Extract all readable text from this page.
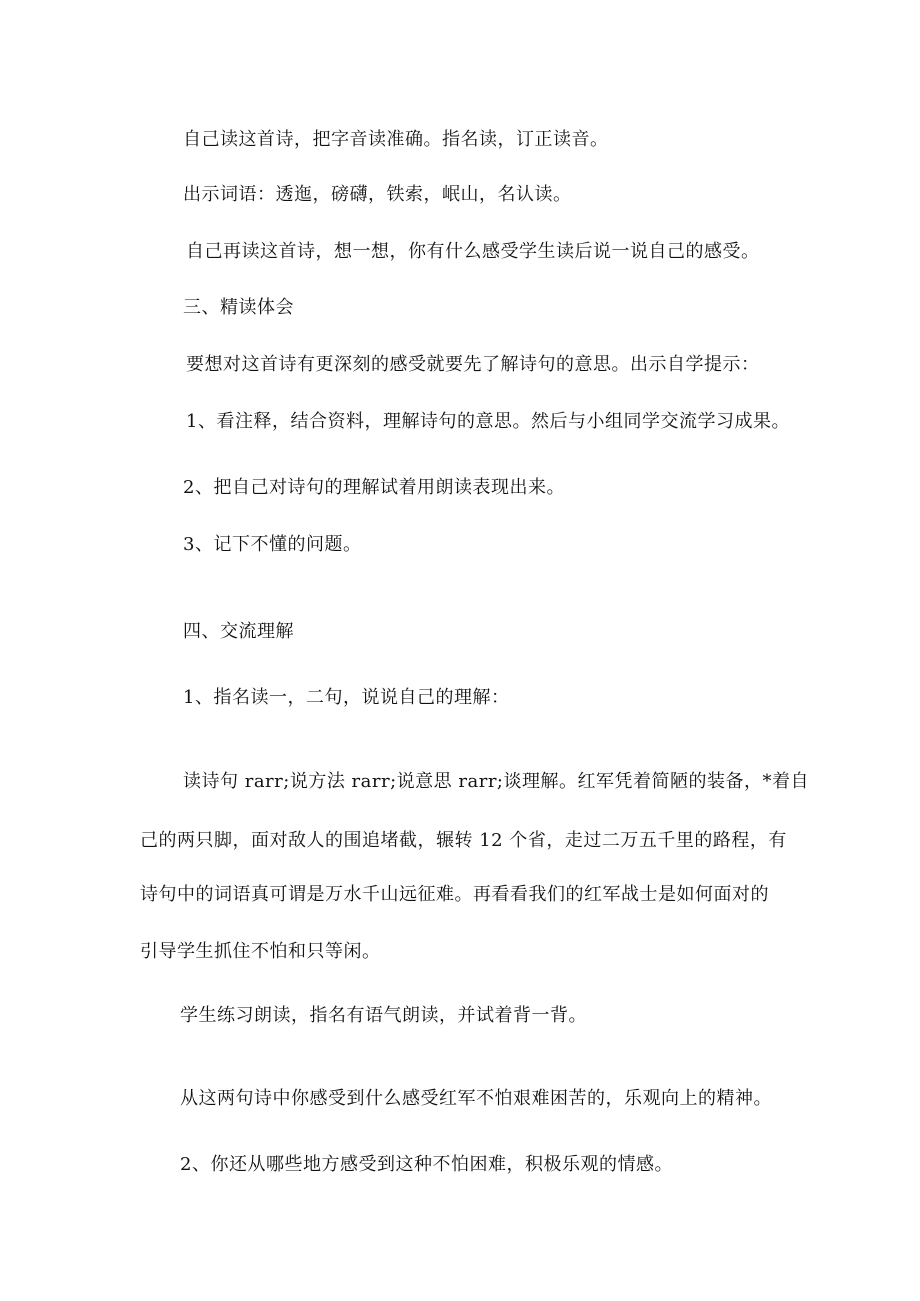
自己读这首诗，把字音读准确。指名读，订正读音。
出示词语：透迤，磅礴，铁索，岷山，名认读。
自己再读这首诗，想一想，你有什么感受学生读后说一说自己的感受。
三、精读体会
要想对这首诗有更深刻的感受就要先了解诗句的意思。出示自学提示：
1、看注释，结合资料，理解诗句的意思。然后与小组同学交流学习成果。
2、把自己对诗句的理解试着用朗读表现出来。
3、记下不懂的问题。
四、交流理解
1、指名读一，二句，说说自己的理解：
读诗句 rarr;说方法 rarr;说意思 rarr;谈理解。红军凭着简陋的装备，*着自
己的两只脚，面对敌人的围追堵截，辗转 12 个省，走过二万五千里的路程，有
诗句中的词语真可谓是万水千山远征难。再看看我们的红军战士是如何面对的
引导学生抓住不怕和只等闲。
学生练习朗读，指名有语气朗读，并试着背一背。
从这两句诗中你感受到什么感受红军不怕艰难困苦的，乐观向上的精神。
2、你还从哪些地方感受到这种不怕困难，积极乐观的情感。
